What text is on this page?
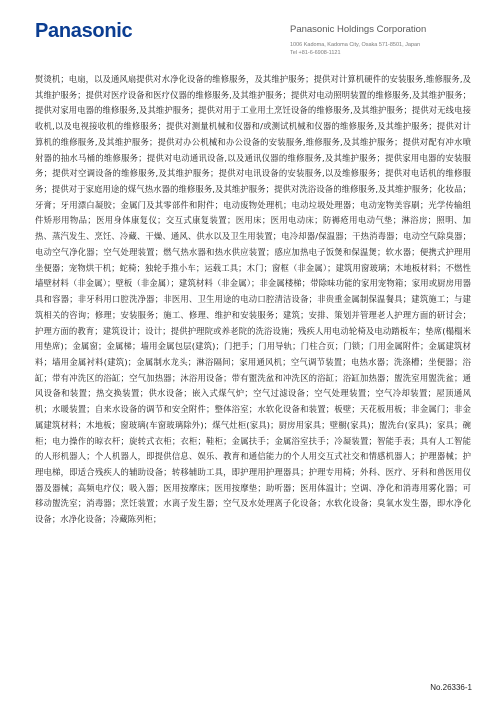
Panasonic	Panasonic Holdings Corporation
1006 Kadoma, Kadoma City, Osaka 571-8501, Japan
Tel +81-6-6908-1121
熨烫机；电扇，以及通风扇提供对水净化设备的维修服务，及其维护服务；提供对计算机硬件的安装服务,维修服务,及其维护服务；提供对医疗设备和医疗仪器的维修服务,及其维护服务；提供对电动照明装置的维修服务,及其维护服务；提供对家用电器的维修服务,及其维护服务；提供对用于工业用土烹饪设备的维修服务,及其维护服务；提供对无线电接收机,以及电视接收机的维修服务；提供对测量机械和仪器和/或测试机械和仪器的维修服务,及其维护服务；提供对计算机的维修服务,及其维护服务；提供对办公机械和办公设备的安装服务,维修服务,及其维护服务；提供对配有冲水喷射器的抽水马桶的维修服务；提供对电动通讯设备,以及通讯仪器的维修服务,及其维护服务；提供家用电器的安装服务；提供对空调设备的维修服务,及其维护服务；提供对电讯设备的安装服务,以及维修服务；提供对电话机的维修服务；提供对于家庭用途的煤气热水器的维修服务,及其维护服务；提供对洗浴设备的维修服务,及其维护服务；化妆品；牙膏；牙用漂白凝胶；金属门及其零部件和附件；电动废物处理机；电动垃圾处理器；电动宠物美容刷；光学传输组件矫形用物品；医用身体康复仪；交互式康复装置；医用床；医用电动床；防褥疮用电动气垫；淋浴房；照明、加热、蒸汽发生、烹饪、冷藏、干燥、通风、供水以及卫生用装置；电冷却器/保温器；干热消毒器；电动空气除臭器；电动空气净化器；空气处理装置；燃气热水器和热水供应装置；感应加热电子饭煲和保温煲；软水器；便携式护理用坐便器；宠物烘干机；蛇椅；独轮手推小车；运载工具；木门；窗框（非金属）；建筑用窗玻璃；木地板材料；不燃性墙壁材料（非金属）；壁板（非金属）；建筑材料（非金属）；非金属楼梯；带除味功能的家用宠物箱；家用或厨房用器具和容器；非牙科用口腔洗净器；非医用、卫生用途的电动口腔清洁设备；非贵重金属制保温餐具；建筑施工；与建筑相关的咨询；修理；安装服务；施工、修理、维护和安装服务；建筑；安排、策划并管理老人护理方面的研讨会；护理方面的教育；建筑设计；设计；提供护理院或养老院的洗浴设施；残疾人用电动轮椅及电动踏板车；垫席(榻榻米用垫席)；金属窗；金属梯；墙用金属包层(建筑)；门把手；门用导轨；门柱合页；门锁；门用金属附件；金属建筑材料；墙用金属衬料(建筑)；金属制水龙头；淋浴隔间；家用通风机；空气调节装置；电热水器；洗涤槽；坐便器；浴缸；带有冲洗区的浴缸；空气加热器；沐浴用设备；带有盥洗盆和冲洗区的浴缸；浴缸加热器；盥洗室用盥洗盆；通风设备和装置；热交换装置；供水设备；嵌入式煤气炉；空气过滤设备；空气处理装置；空气冷却装置；屋顶通风机；水暖装置；自来水设备的调节和安全附件；整体浴室；水软化设备和装置；板壁；天花板用板；非金属门；非金属建筑材料；木地板；窗玻璃(车窗玻璃除外)；煤气灶柜(家具)；厨房用家具；壁橱(家具)；盥洗台(家具)；家具；碗柜；电力操作的晾衣杆；旋转式衣柜；衣柜；鞋柜；金属扶手；金属浴室扶手；冷凝装置；智能手表；具有人工智能的人形机器人；个人机器人，即提供信息、娱乐、教育和通信能力的个人用交互式社交和情感机器人；护理器械；护理电梯，即适合残疾人的辅助设备；转移辅助工具，即护理用护理器具；护理专用椅；外科、医疗、牙科和兽医用仪器及器械；高频电疗仪；吸入器；医用按摩床；医用按摩垫；助听器；医用体温计；空调、净化和消毒用雾化器；可移动盥洗室；消毒器；烹饪装置；水离子发生器；空气及水处理离子化设备；水软化设备；臭氧水发生器，即水净化设备；水净化设备；冷藏陈列柜；
No.26336-1
